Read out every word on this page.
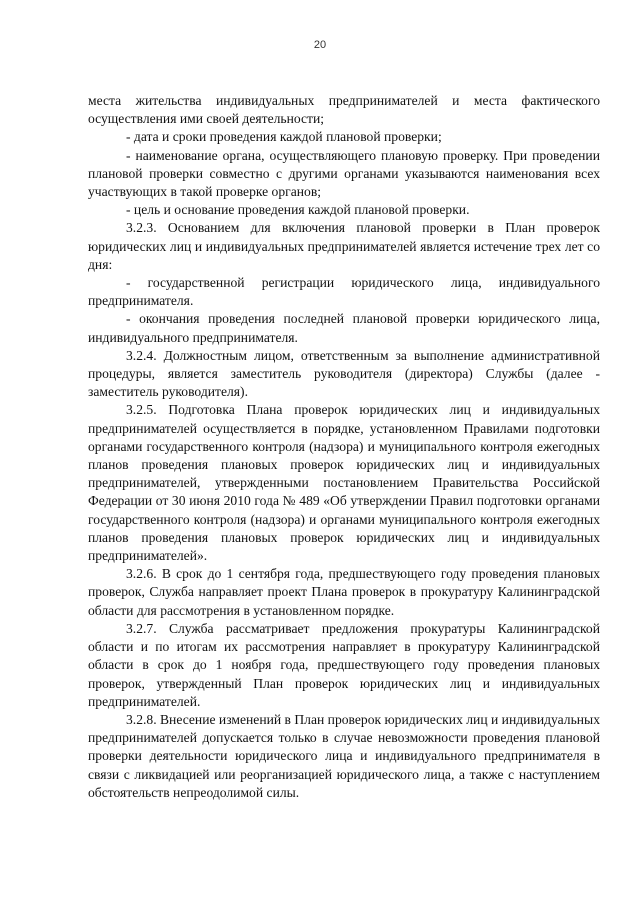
20

места жительства индивидуальных предпринимателей и места фактического осуществления ими своей деятельности;

- дата и сроки проведения каждой плановой проверки;

- наименование органа, осуществляющего плановую проверку. При проведении плановой проверки совместно с другими органами указываются наименования всех участвующих в такой проверке органов;

- цель и основание проведения каждой плановой проверки.

3.2.3. Основанием для включения плановой проверки в План проверок юридических лиц и индивидуальных предпринимателей является истечение трех лет со дня:

- государственной регистрации юридического лица, индивидуального предпринимателя.

- окончания проведения последней плановой проверки юридического лица, индивидуального предпринимателя.

3.2.4. Должностным лицом, ответственным за выполнение административной процедуры, является заместитель руководителя (директора) Службы (далее - заместитель руководителя).

3.2.5. Подготовка Плана проверок юридических лиц и индивидуальных предпринимателей осуществляется в порядке, установленном Правилами подготовки органами государственного контроля (надзора) и муниципального контроля ежегодных планов проведения плановых проверок юридических лиц и индивидуальных предпринимателей, утвержденными постановлением Правительства Российской Федерации от 30 июня 2010 года № 489 «Об утверждении Правил подготовки органами государственного контроля (надзора) и органами муниципального контроля ежегодных планов проведения плановых проверок юридических лиц и индивидуальных предпринимателей».

3.2.6. В срок до 1 сентября года, предшествующего году проведения плановых проверок, Служба направляет проект Плана проверок в прокуратуру Калининградской области для рассмотрения в установленном порядке.

3.2.7. Служба рассматривает предложения прокуратуры Калининградской области и по итогам их рассмотрения направляет в прокуратуру Калининградской области в срок до 1 ноября года, предшествующего году проведения плановых проверок, утвержденный План проверок юридических лиц и индивидуальных предпринимателей.

3.2.8. Внесение изменений в План проверок юридических лиц и индивидуальных предпринимателей допускается только в случае невозможности проведения плановой проверки деятельности юридического лица и индивидуального предпринимателя в связи с ликвидацией или реорганизацией юридического лица, а также с наступлением обстоятельств непреодолимой силы.
